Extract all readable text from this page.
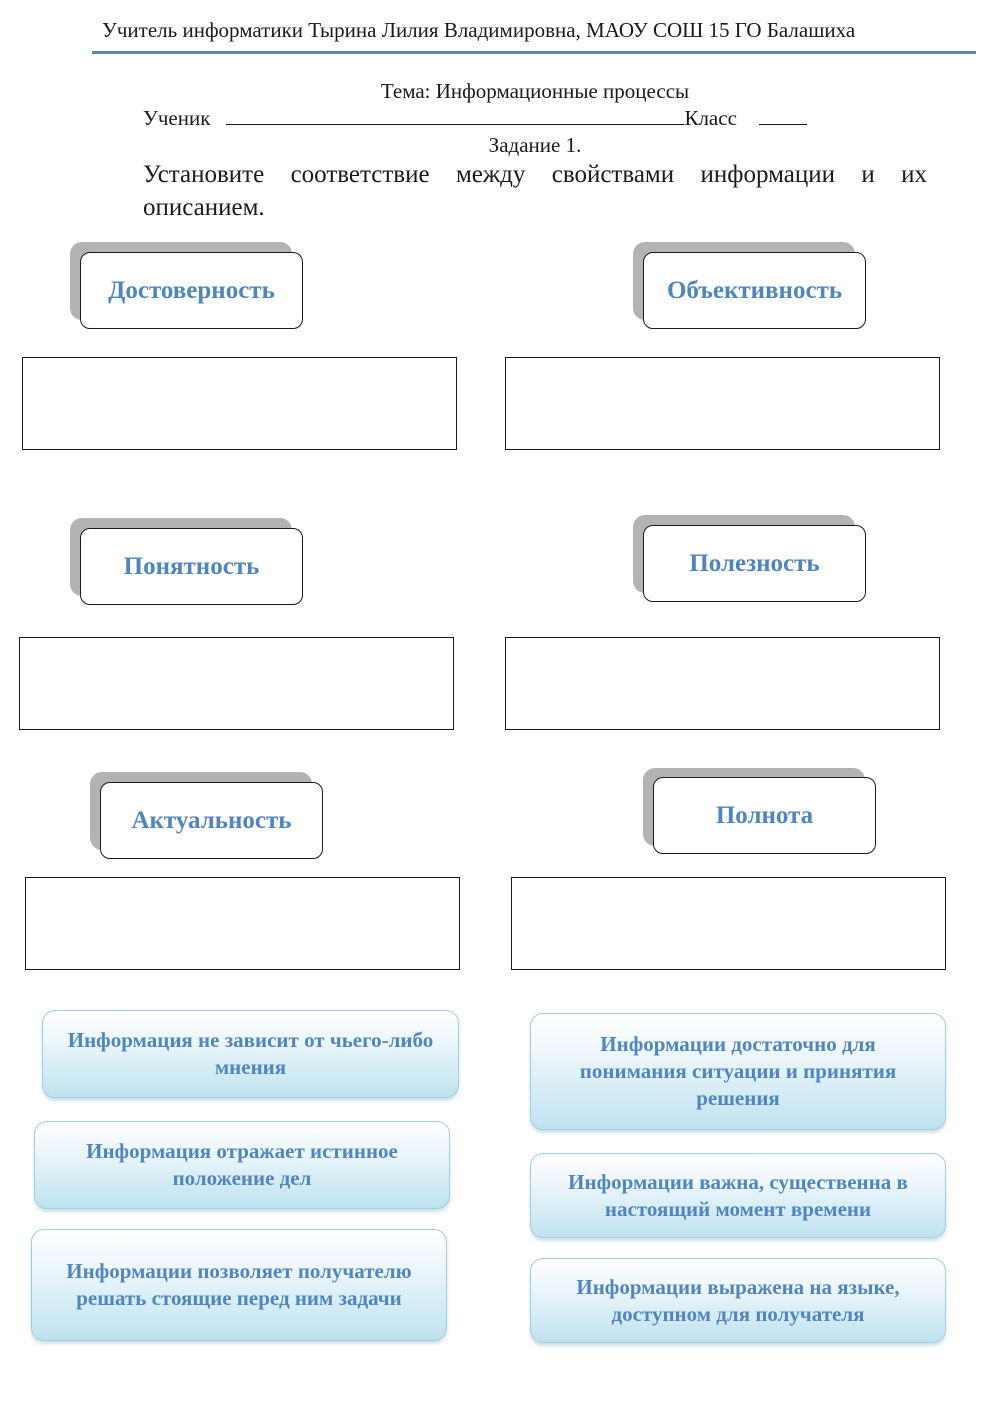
Учитель информатики Тырина Лилия Владимировна, МАОУ СОШ 15 ГО Балашиха
Тема: Информационные процессы
Ученик	Класс
Задание 1.
Установите соответствие между свойствами информации и их описанием.
Достоверность	Объективность
Понятность	Полезность
Актуальность	Полнота
Информация не зависит от чьего-либо мнения
Информации достаточно для понимания ситуации и принятия решения
Информация отражает истинное положение дел	Информации важна, существенна в настоящий момент времени
Информации позволяет получателю решать стоящие перед ним задачи	Информации выражена на языке, доступном для получателя
